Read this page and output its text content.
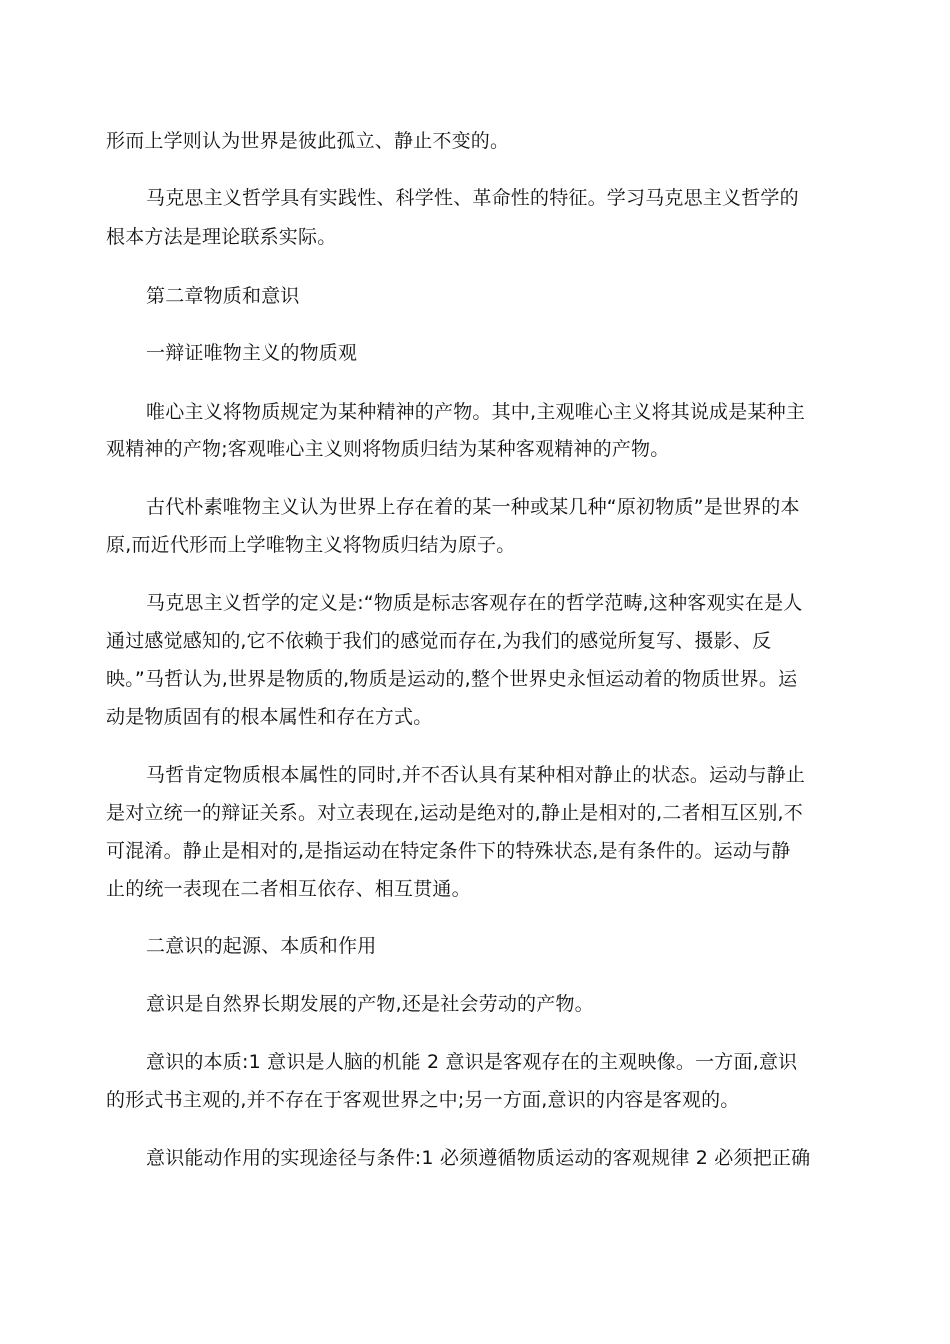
形而上学则认为世界是彼此孤立、静止不变的。
马克思主义哲学具有实践性、科学性、革命性的特征。学习马克思主义哲学的
根本方法是理论联系实际。
第二章物质和意识
一辩证唯物主义的物质观
唯心主义将物质规定为某种精神的产物。其中,主观唯心主义将其说成是某种主
观精神的产物;客观唯心主义则将物质归结为某种客观精神的产物。
古代朴素唯物主义认为世界上存在着的某一种或某几种“原初物质”是世界的本
原,而近代形而上学唯物主义将物质归结为原子。
马克思主义哲学的定义是:“物质是标志客观存在的哲学范畴,这种客观实在是人
通过感觉感知的,它不依赖于我们的感觉而存在,为我们的感觉所复写、摄影、反
映。”马哲认为,世界是物质的,物质是运动的,整个世界史永恒运动着的物质世界。运
动是物质固有的根本属性和存在方式。
马哲肯定物质根本属性的同时,并不否认具有某种相对静止的状态。运动与静止
是对立统一的辩证关系。对立表现在,运动是绝对的,静止是相对的,二者相互区别,不
可混淆。静止是相对的,是指运动在特定条件下的特殊状态,是有条件的。运动与静
止的统一表现在二者相互依存、相互贯通。
二意识的起源、本质和作用
意识是自然界长期发展的产物,还是社会劳动的产物。
意识的本质:1 意识是人脑的机能 2 意识是客观存在的主观映像。一方面,意识
的形式书主观的,并不存在于客观世界之中;另一方面,意识的内容是客观的。
意识能动作用的实现途径与条件:1 必须遵循物质运动的客观规律 2 必须把正确
